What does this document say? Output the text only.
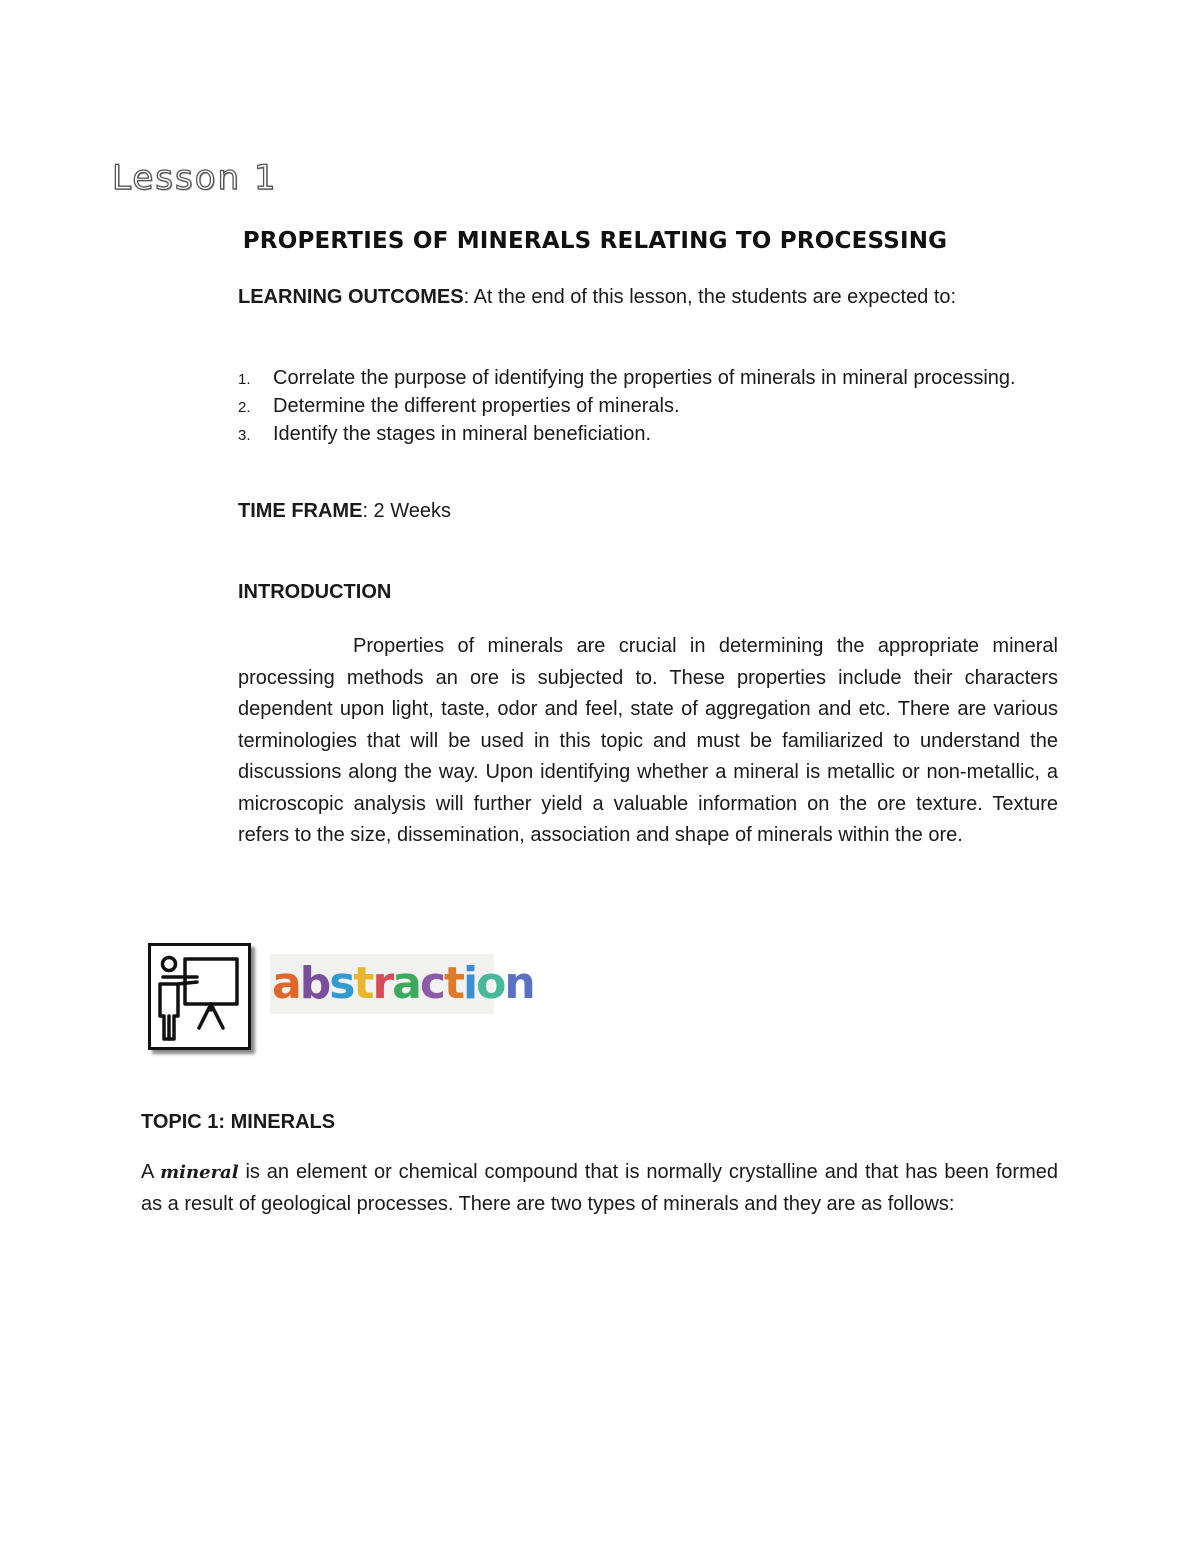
Lesson 1
PROPERTIES OF MINERALS RELATING TO PROCESSING
LEARNING OUTCOMES: At the end of this lesson, the students are expected to:
1. Correlate the purpose of identifying the properties of minerals in mineral processing.
2. Determine the different properties of minerals.
3. Identify the stages in mineral beneficiation.
TIME FRAME: 2 Weeks
INTRODUCTION
Properties of minerals are crucial in determining the appropriate mineral processing methods an ore is subjected to. These properties include their characters dependent upon light, taste, odor and feel, state of aggregation and etc. There are various terminologies that will be used in this topic and must be familiarized to understand the discussions along the way. Upon identifying whether a mineral is metallic or non-metallic, a microscopic analysis will further yield a valuable information on the ore texture. Texture refers to the size, dissemination, association and shape of minerals within the ore.
abstraction
TOPIC 1: MINERALS
A mineral is an element or chemical compound that is normally crystalline and that has been formed as a result of geological processes. There are two types of minerals and they are as follows:
